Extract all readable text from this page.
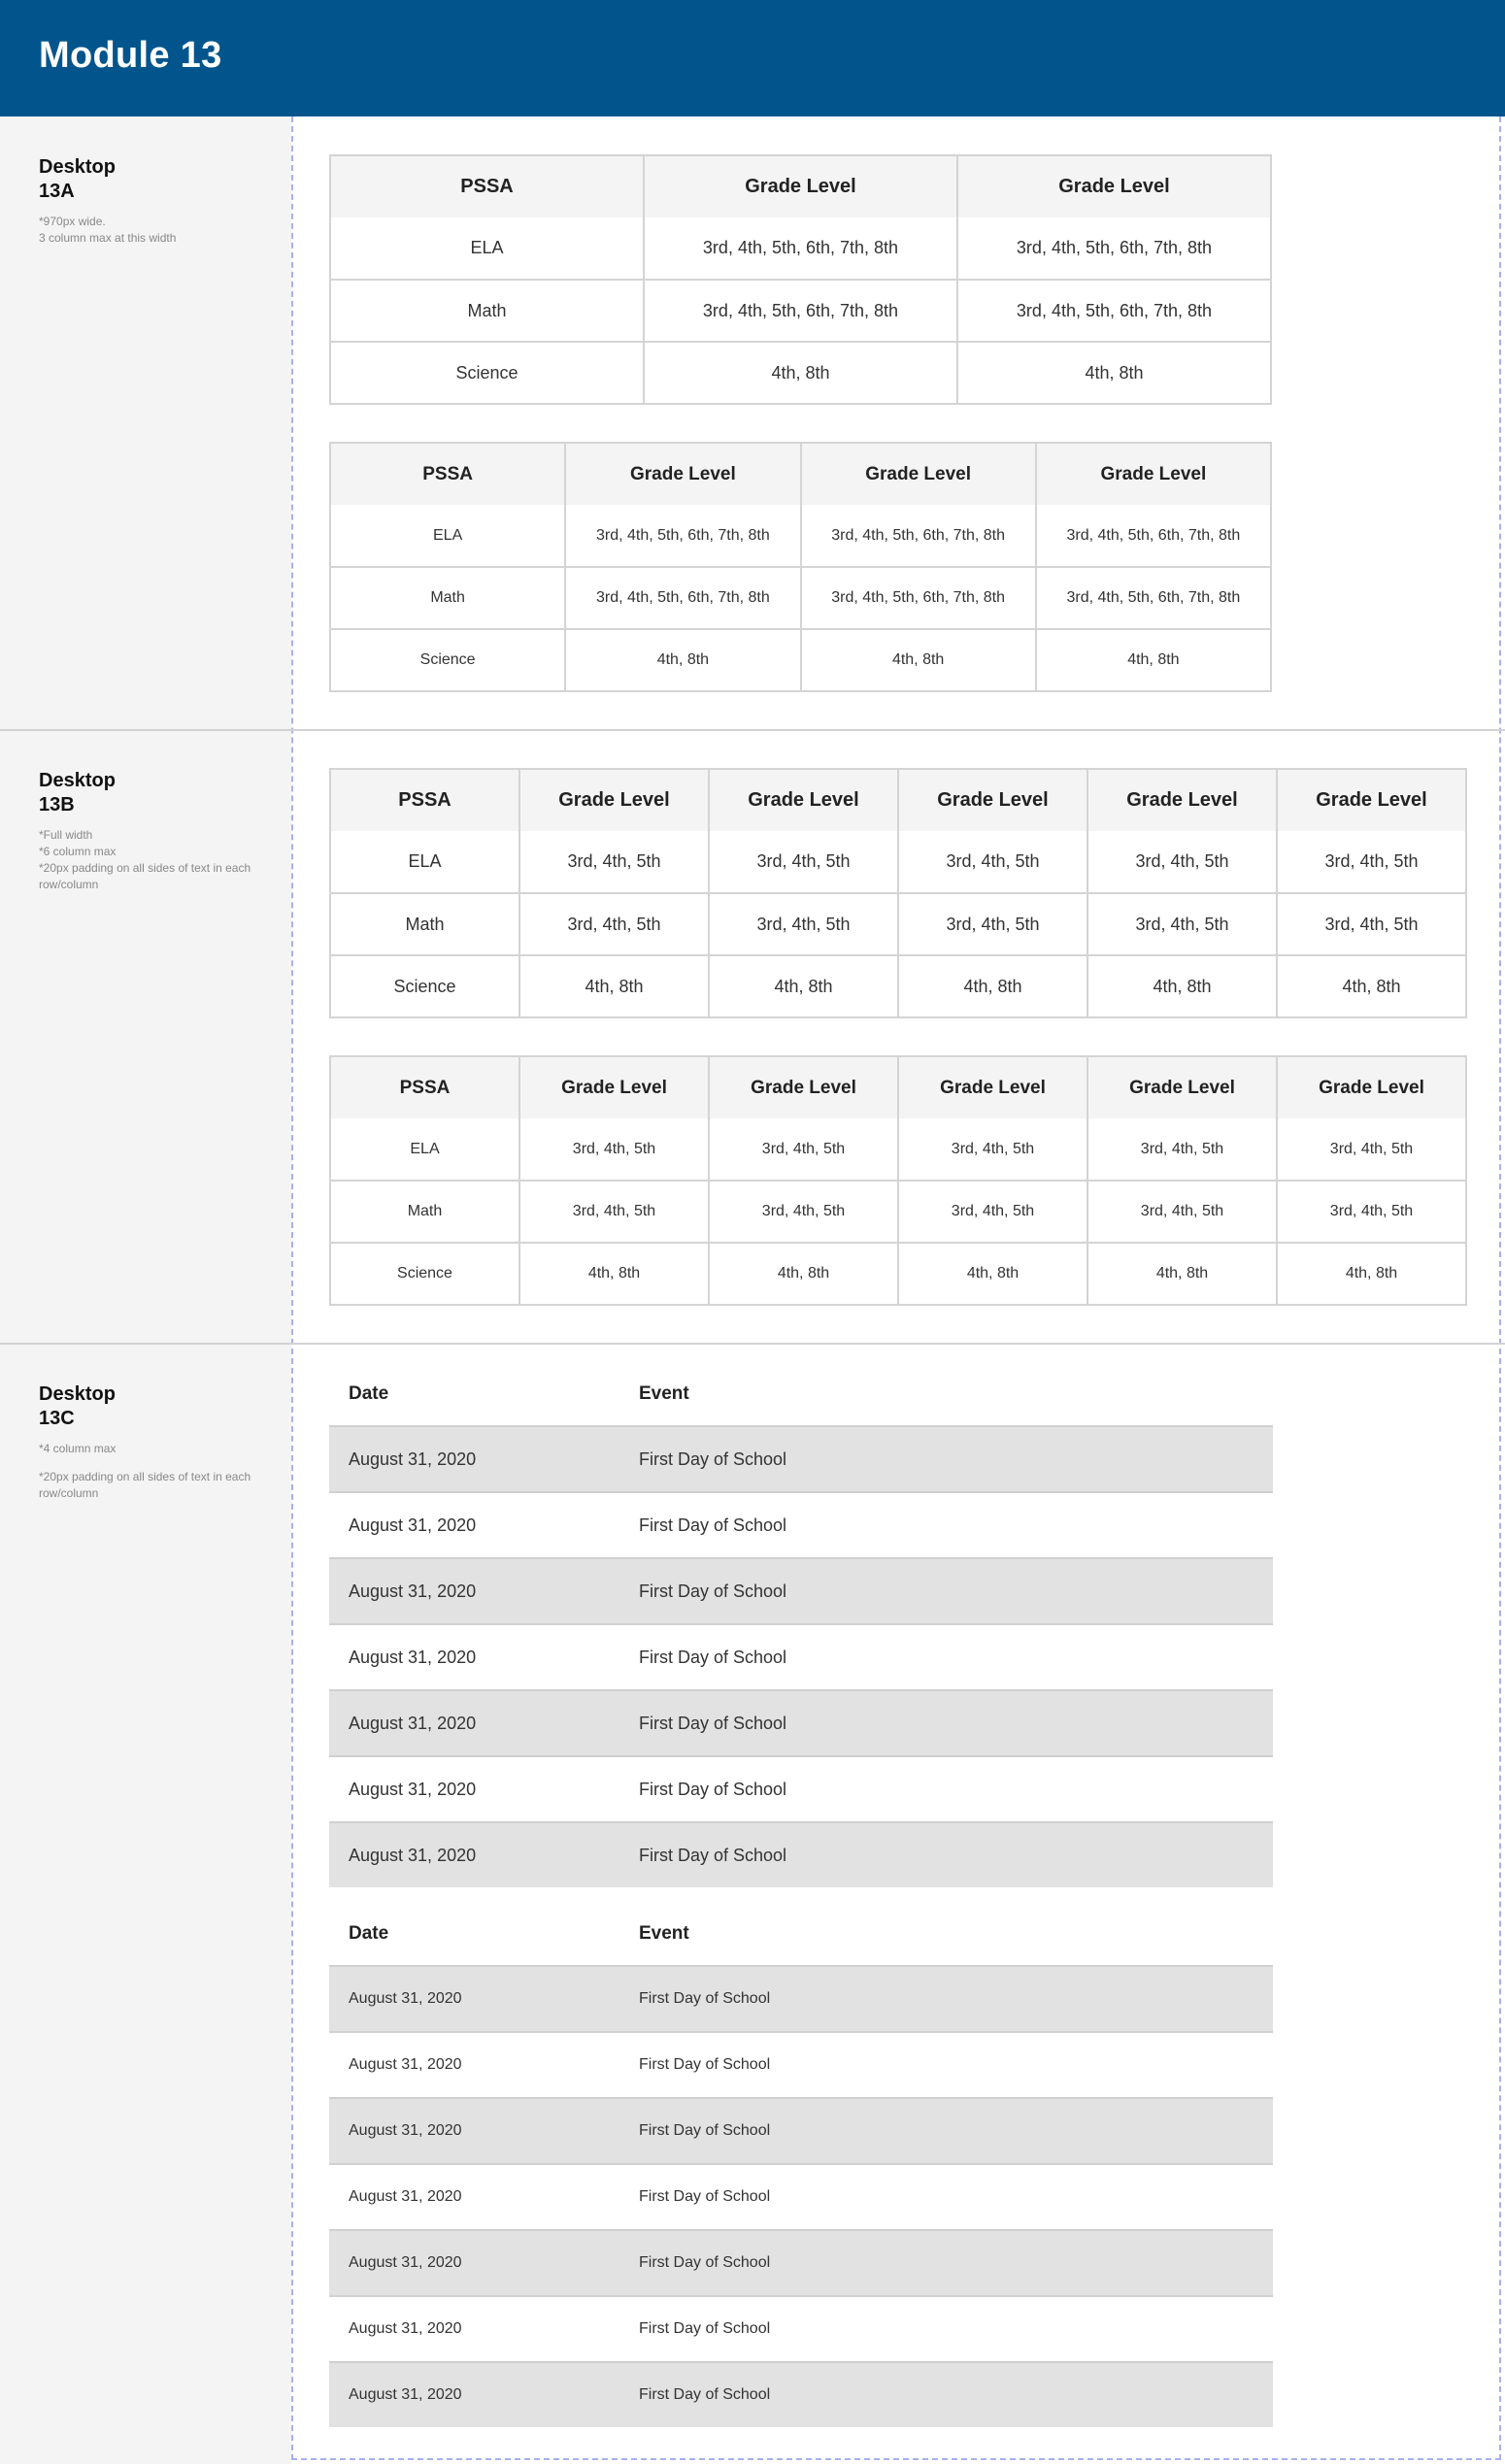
Module 13

Desktop

13A

*970px wide.

3 column max at this width

Desktop

13B

*Full width

*6 column max

*20px padding on all sides of text in each row/column

Desktop

13C

*4 column max

*20px padding on all sides of text in each row/column

PSSA	Grade Level	Grade Level
ELA	3rd, 4th, 5th, 6th, 7th, 8th	3rd, 4th, 5th, 6th, 7th, 8th
Math	3rd, 4th, 5th, 6th, 7th, 8th	3rd, 4th, 5th, 6th, 7th, 8th
Science	4th, 8th	4th, 8th
PSSA	Grade Level	Grade Level	Grade Level
ELA	3rd, 4th, 5th, 6th, 7th, 8th	3rd, 4th, 5th, 6th, 7th, 8th	3rd, 4th, 5th, 6th, 7th, 8th
Math	3rd, 4th, 5th, 6th, 7th, 8th	3rd, 4th, 5th, 6th, 7th, 8th	3rd, 4th, 5th, 6th, 7th, 8th
Science	4th, 8th	4th, 8th	4th, 8th
PSSA	Grade Level	Grade Level	Grade Level	Grade Level	Grade Level
ELA	3rd, 4th, 5th	3rd, 4th, 5th	3rd, 4th, 5th	3rd, 4th, 5th	3rd, 4th, 5th
Math	3rd, 4th, 5th	3rd, 4th, 5th	3rd, 4th, 5th	3rd, 4th, 5th	3rd, 4th, 5th
Science	4th, 8th	4th, 8th	4th, 8th	4th, 8th	4th, 8th
PSSA	Grade Level	Grade Level	Grade Level	Grade Level	Grade Level
ELA	3rd, 4th, 5th	3rd, 4th, 5th	3rd, 4th, 5th	3rd, 4th, 5th	3rd, 4th, 5th
Math	3rd, 4th, 5th	3rd, 4th, 5th	3rd, 4th, 5th	3rd, 4th, 5th	3rd, 4th, 5th
Science	4th, 8th	4th, 8th	4th, 8th	4th, 8th	4th, 8th
Date	Event
August 31, 2020	First Day of School
August 31, 2020	First Day of School
August 31, 2020	First Day of School
August 31, 2020	First Day of School
August 31, 2020	First Day of School
August 31, 2020	First Day of School
August 31, 2020	First Day of School
Date	Event
August 31, 2020	First Day of School
August 31, 2020	First Day of School
August 31, 2020	First Day of School
August 31, 2020	First Day of School
August 31, 2020	First Day of School
August 31, 2020	First Day of School
August 31, 2020	First Day of School
